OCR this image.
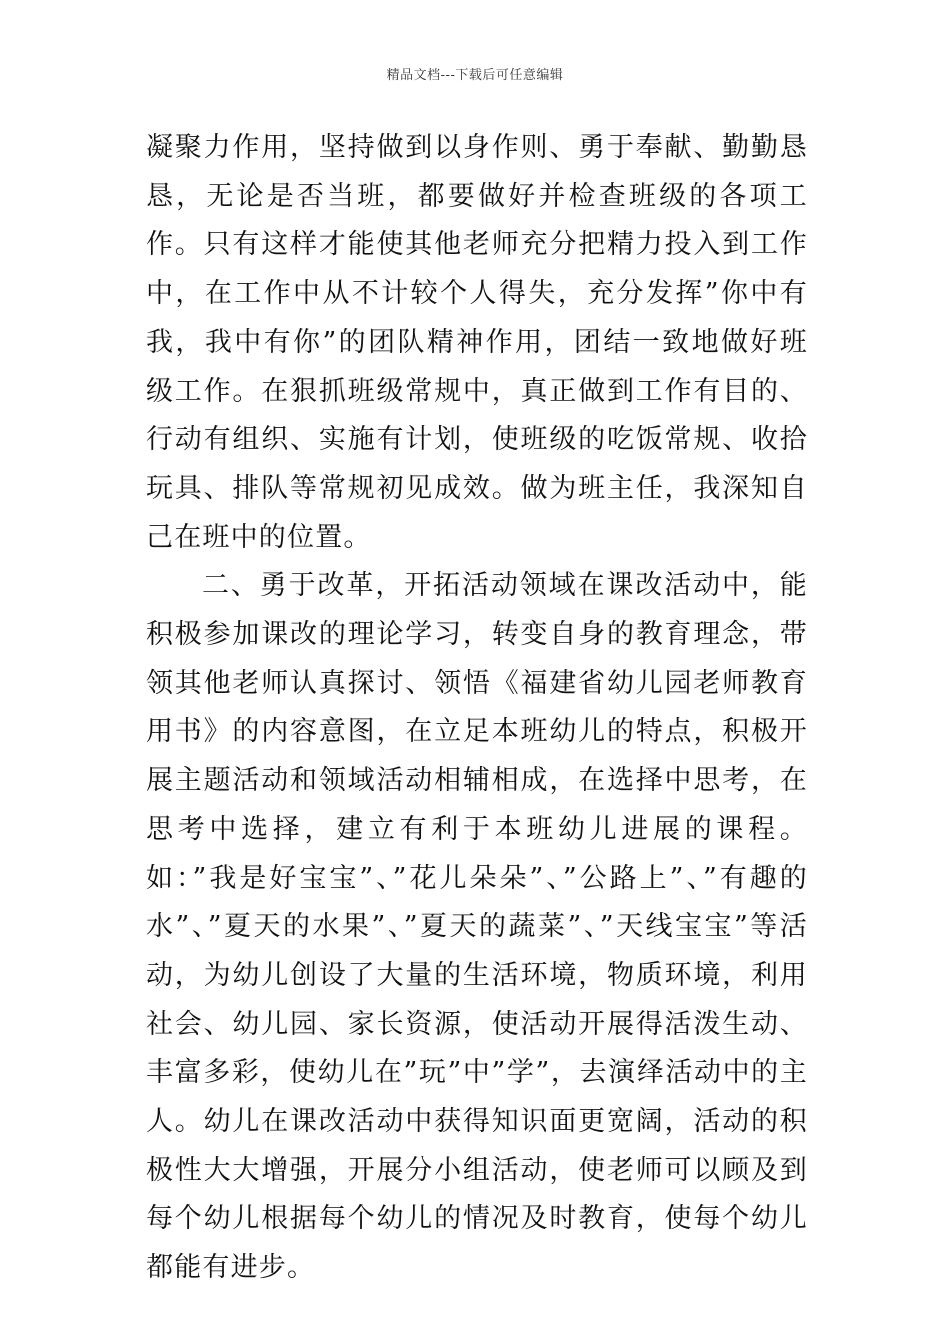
精品文档---下载后可任意编辑

凝聚力作用，坚持做到以身作则、勇于奉献、勤勤恳恳，无论是否当班，都要做好并检查班级的各项工作。只有这样才能使其他老师充分把精力投入到工作中，在工作中从不计较个人得失，充分发挥”你中有我，我中有你”的团队精神作用，团结一致地做好班级工作。在狠抓班级常规中，真正做到工作有目的、行动有组织、实施有计划，使班级的吃饭常规、收拾玩具、排队等常规初见成效。做为班主任，我深知自己在班中的位置。

二、勇于改革，开拓活动领域在课改活动中，能积极参加课改的理论学习，转变自身的教育理念，带领其他老师认真探讨、领悟《福建省幼儿园老师教育用书》的内容意图，在立足本班幼儿的特点，积极开展主题活动和领域活动相辅相成，在选择中思考，在思考中选择，建立有利于本班幼儿进展的课程。如：”我是好宝宝”、”花儿朵朵”、”公路上”、”有趣的水”、”夏天的水果”、”夏天的蔬菜”、”天线宝宝”等活动，为幼儿创设了大量的生活环境，物质环境，利用社会、幼儿园、家长资源，使活动开展得活泼生动、丰富多彩，使幼儿在”玩”中”学”，去演绎活动中的主人。幼儿在课改活动中获得知识面更宽阔，活动的积极性大大增强，开展分小组活动，使老师可以顾及到每个幼儿根据每个幼儿的情况及时教育，使每个幼儿都能有进步。
